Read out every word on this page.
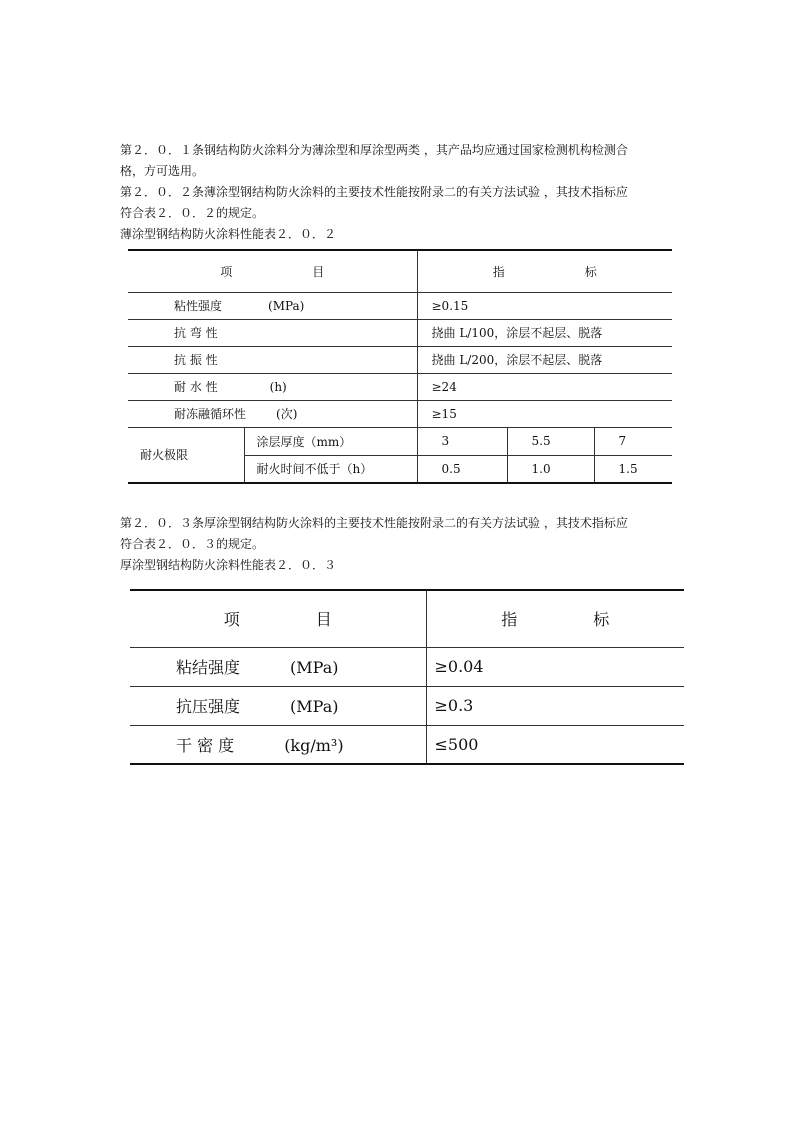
第２．０．１条钢结构防火涂料分为薄涂型和厚涂型两类 ，其产品均应通过国家检测机构检测合
格，方可选用。
第２．０．２条薄涂型钢结构防火涂料的主要技术性能按附录二的有关方法试验 ，其技术指标应
符合表２．０．２的规定。
薄涂型钢结构防火涂料性能表２．０．２

项 目		指 标		
粘性强度 (MPa)		≥0.15		
抗 弯 性		挠曲 L/100，涂层不起层、脱落		
抗 振 性		挠曲 L/200，涂层不起层、脱落		
耐 水 性 (h)		≥24		
耐冻融循环性 (次)		≥15		
耐火极限	涂层厚度（mm）	3	5.5	7
	耐火时间不低于（h）	0.5	1.0	1.5

第２．０．３条厚涂型钢结构防火涂料的主要技术性能按附录二的有关方法试验 ，其技术指标应
符合表２．０．３的规定。
厚涂型钢结构防火涂料性能表２．０．３

项 目	指 标
粘结强度 (MPa)	≥0.04
抗压强度 (MPa)	≥0.3
干 密 度 (kg/m³)	≤500
